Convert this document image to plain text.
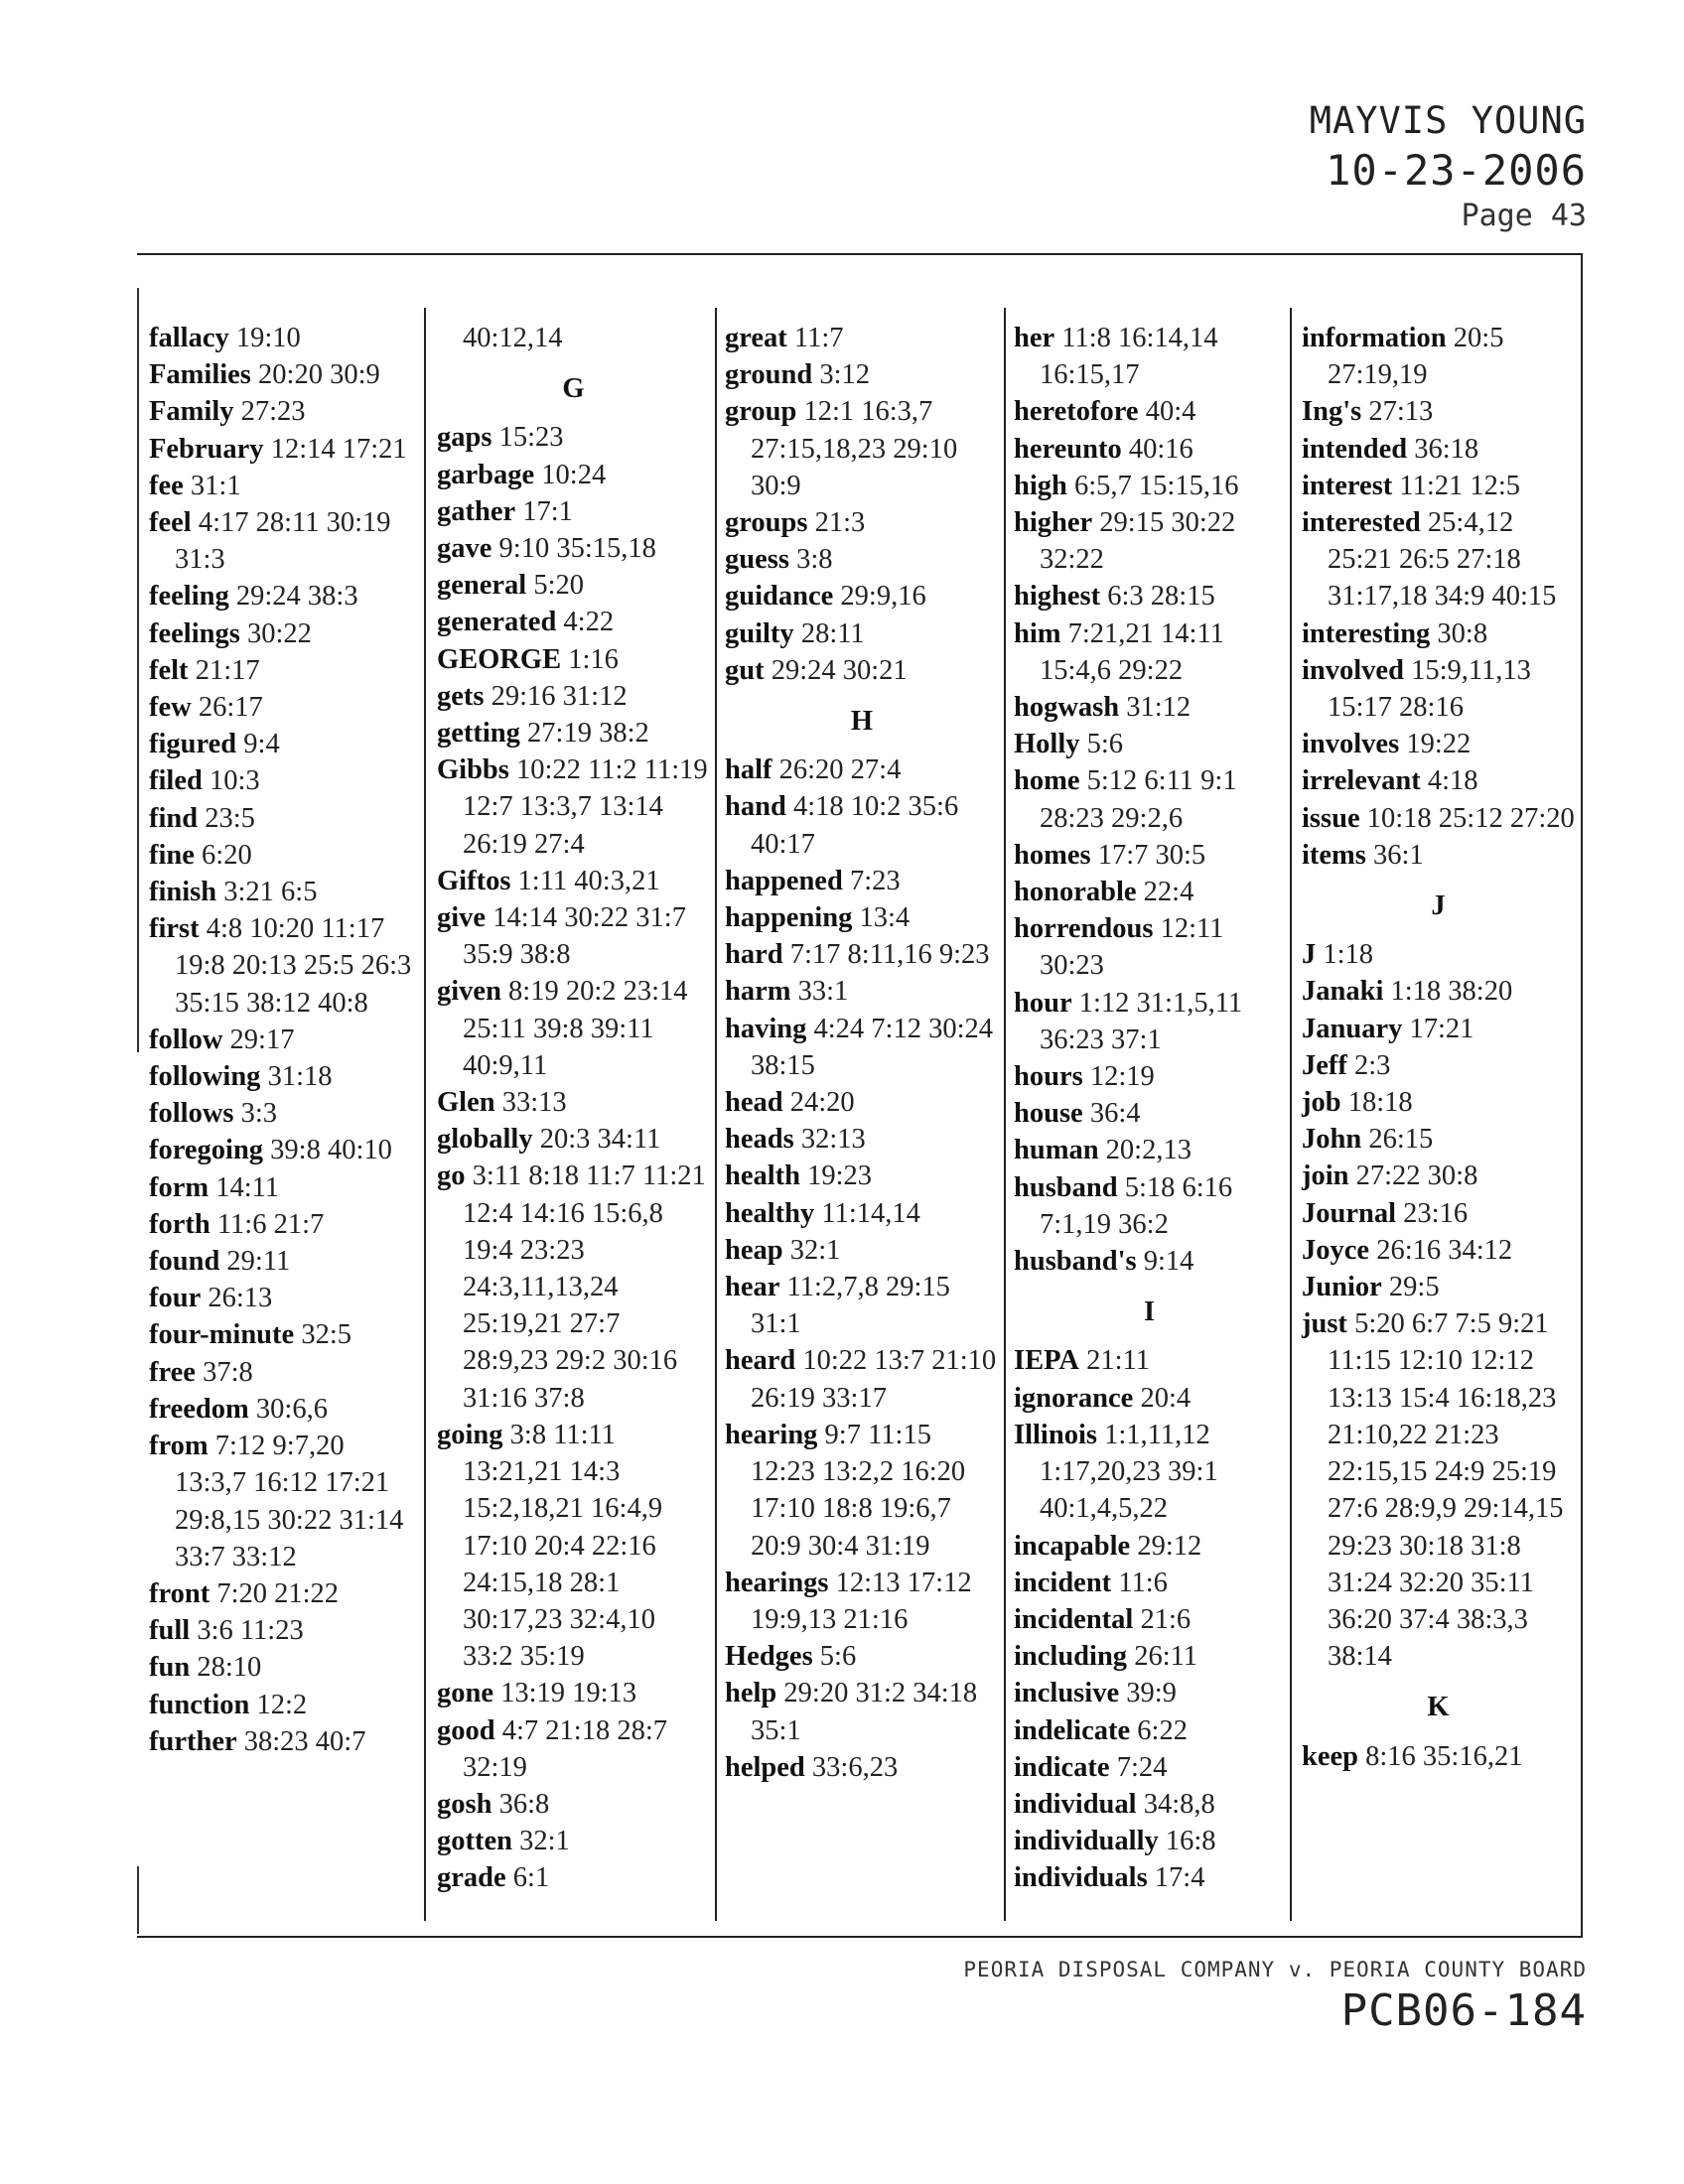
MAYVIS YOUNG
10-23-2006
Page 43
fallacy 19:10
Families 20:20 30:9
Family 27:23
February 12:14 17:21
fee 31:1
feel 4:17 28:11 30:19 31:3
feeling 29:24 38:3
feelings 30:22
felt 21:17
few 26:17
figured 9:4
filed 10:3
find 23:5
fine 6:20
finish 3:21 6:5
first 4:8 10:20 11:17 19:8 20:13 25:5 26:3 35:15 38:12 40:8
follow 29:17
following 31:18
follows 3:3
foregoing 39:8 40:10
form 14:11
forth 11:6 21:7
found 29:11
four 26:13
four-minute 32:5
free 37:8
freedom 30:6,6
from 7:12 9:7,20 13:3,7 16:12 17:21 29:8,15 30:22 31:14 33:7 33:12
front 7:20 21:22
full 3:6 11:23
fun 28:10
function 12:2
further 38:23 40:7
40:12,14
G
gaps 15:23
garbage 10:24
gather 17:1
gave 9:10 35:15,18
general 5:20
generated 4:22
GEORGE 1:16
gets 29:16 31:12
getting 27:19 38:2
Gibbs 10:22 11:2 11:19 12:7 13:3,7 13:14 26:19 27:4
Giftos 1:11 40:3,21
give 14:14 30:22 31:7 35:9 38:8
given 8:19 20:2 23:14 25:11 39:8 39:11 40:9,11
Glen 33:13
globally 20:3 34:11
go 3:11 8:18 11:7 11:21 12:4 14:16 15:6,8 19:4 23:23 24:3,11,13,24 25:19,21 27:7 28:9,23 29:2 30:16 31:16 37:8
going 3:8 11:11 13:21,21 14:3 15:2,18,21 16:4,9 17:10 20:4 22:16 24:15,18 28:1 30:17,23 32:4,10 33:2 35:19
gone 13:19 19:13
good 4:7 21:18 28:7 32:19
gosh 36:8
gotten 32:1
grade 6:1
great 11:7
ground 3:12
group 12:1 16:3,7 27:15,18,23 29:10 30:9
groups 21:3
guess 3:8
guidance 29:9,16
guilty 28:11
gut 29:24 30:21
H
half 26:20 27:4
hand 4:18 10:2 35:6 40:17
happened 7:23
happening 13:4
hard 7:17 8:11,16 9:23
harm 33:1
having 4:24 7:12 30:24 38:15
head 24:20
heads 32:13
health 19:23
healthy 11:14,14
heap 32:1
hear 11:2,7,8 29:15 31:1
heard 10:22 13:7 21:10 26:19 33:17
hearing 9:7 11:15 12:23 13:2,2 16:20 17:10 18:8 19:6,7 20:9 30:4 31:19
hearings 12:13 17:12 19:9,13 21:16
Hedges 5:6
help 29:20 31:2 34:18 35:1
helped 33:6,23
her 11:8 16:14,14 16:15,17
heretofore 40:4
hereunto 40:16
high 6:5,7 15:15,16
higher 29:15 30:22 32:22
highest 6:3 28:15
him 7:21,21 14:11 15:4,6 29:22
hogwash 31:12
Holly 5:6
home 5:12 6:11 9:1 28:23 29:2,6
homes 17:7 30:5
honorable 22:4
horrendous 12:11 30:23
hour 1:12 31:1,5,11 36:23 37:1
hours 12:19
house 36:4
human 20:2,13
husband 5:18 6:16 7:1,19 36:2
husband's 9:14
I
IEPA 21:11
ignorance 20:4
Illinois 1:1,11,12 1:17,20,23 39:1 40:1,4,5,22
incapable 29:12
incident 11:6
incidental 21:6
including 26:11
inclusive 39:9
indelicate 6:22
indicate 7:24
individual 34:8,8
individually 16:8
individuals 17:4
information 20:5 27:19,19
Ing's 27:13
intended 36:18
interest 11:21 12:5
interested 25:4,12 25:21 26:5 27:18 31:17,18 34:9 40:15
interesting 30:8
involved 15:9,11,13 15:17 28:16
involves 19:22
irrelevant 4:18
issue 10:18 25:12 27:20
items 36:1
J
J 1:18
Janaki 1:18 38:20
January 17:21
Jeff 2:3
job 18:18
John 26:15
join 27:22 30:8
Journal 23:16
Joyce 26:16 34:12
Junior 29:5
just 5:20 6:7 7:5 9:21 11:15 12:10 12:12 13:13 15:4 16:18,23 21:10,22 21:23 22:15,15 24:9 25:19 27:6 28:9,9 29:14,15 29:23 30:18 31:8 31:24 32:20 35:11 36:20 37:4 38:3,3 38:14
K
keep 8:16 35:16,21
PEORIA DISPOSAL COMPANY v. PEORIA COUNTY BOARD
PCB06-184
